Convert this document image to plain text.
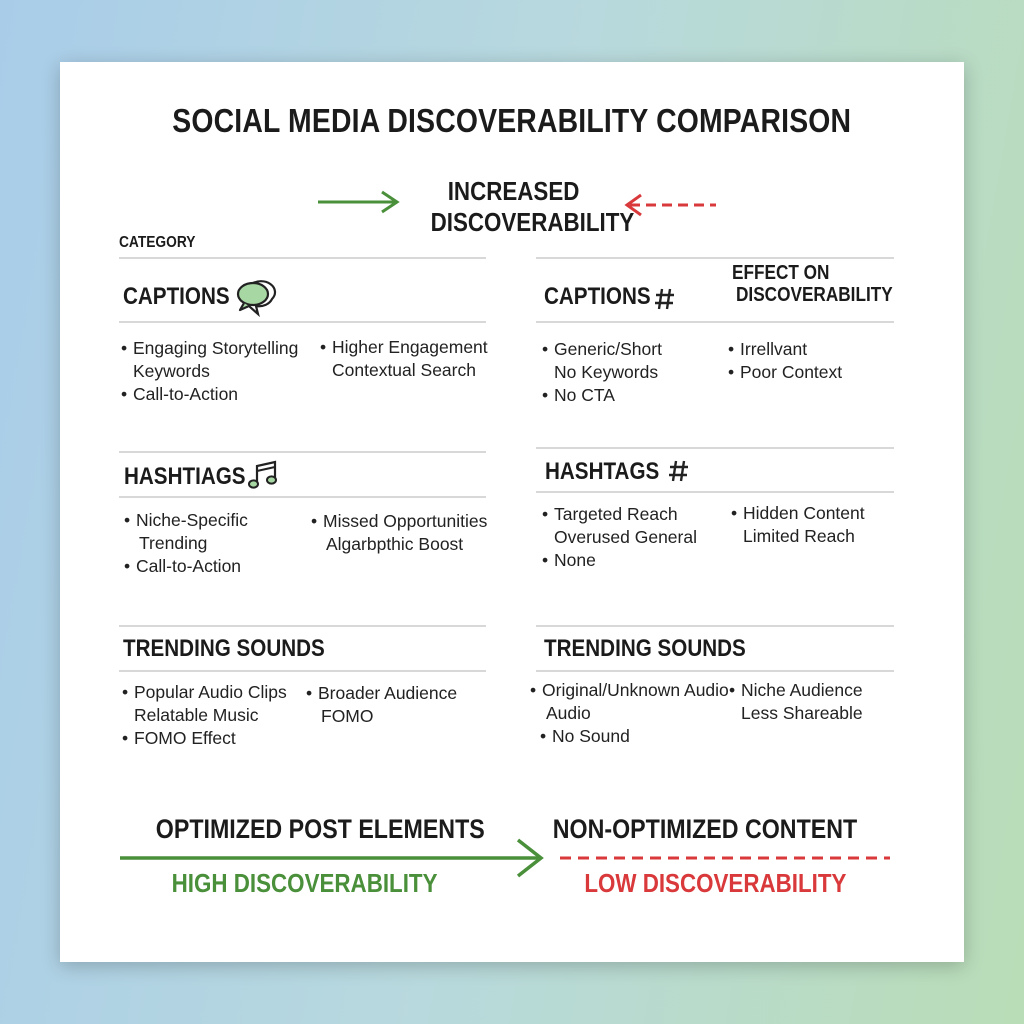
SOCIAL MEDIA DISCOVERABILITY COMPARISON
INCREASED
DISCOVERABILITY
CATEGORY
EFFECT ON
DISCOVERABILITY
CAPTIONS
• Engaging Storytelling
Keywords
• Call-to-Action
• Higher Engagement
Contextual Search
HASHTIAGS
• Niche-Specific
Trending
• Call-to-Action
• Missed Opportunities
Algarbpthic Boost
TRENDING SOUNDS
• Popular Audio Clips
Relatable Music
• FOMO Effect
• Broader Audience
FOMO
CAPTIONS
• Generic/Short
No Keywords
• No CTA
• Irrellvant
• Poor Context
HASHTAGS
• Targeted Reach
Overused General
• None
• Hidden Content
Limited Reach
TRENDING SOUNDS
• Original/Unknown Audio
Audio
• No Sound
• Niche Audience
Less Shareable
OPTIMIZED POST ELEMENTS
HIGH DISCOVERABILITY
NON-OPTIMIZED CONTENT
LOW DISCOVERABILITY
